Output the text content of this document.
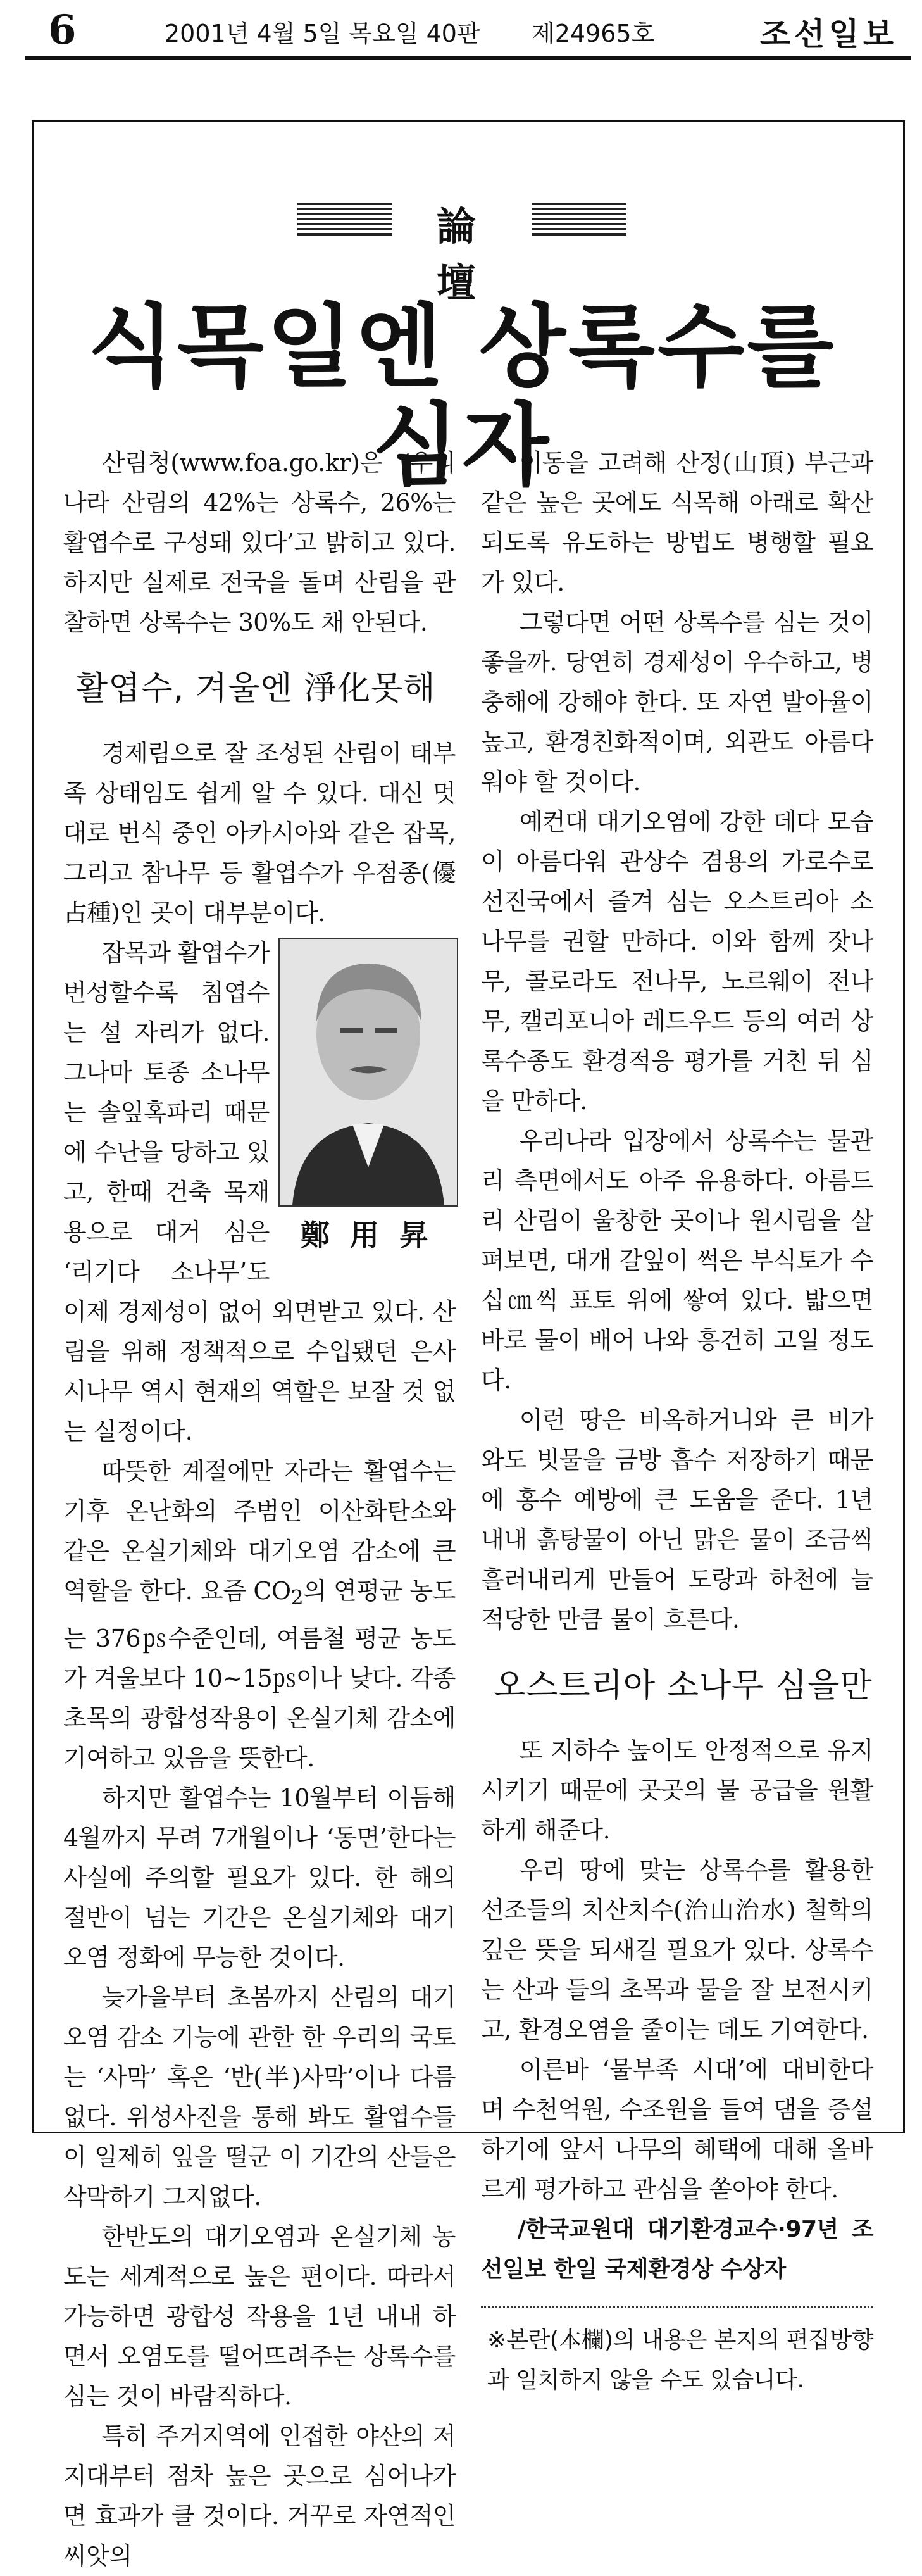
6	2001년 4월 5일 목요일 40판 제24965호	조선일보
論 壇
식목일엔 상록수를 심자

산림청(www.foa.go.kr)은 ‘우리나라 산림의 42%는 상록수, 26%는 활엽수로 구성돼 있다’고 밝히고 있다. 하지만 실제로 전국을 돌며 산림을 관찰하면 상록수는 30%도 채 안된다.

활엽수, 겨울엔 淨化못해

경제림으로 잘 조성된 산림이 태부족 상태임도 쉽게 알 수 있다. 대신 멋대로 번식 중인 아카시아와 같은 잡목, 그리고 참나무 등 활엽수가 우점종(優占種)인 곳이 대부분이다.

鄭 用 昇

잡목과 활엽수가 번성할수록 침엽수는 설 자리가 없다. 그나마 토종 소나무는 솔잎혹파리 때문에 수난을 당하고 있고, 한때 건축 목재용으로 대거 심은 ‘리기다 소나무’도 이제 경제성이 없어 외면받고 있다. 산림을 위해 정책적으로 수입됐던 은사시나무 역시 현재의 역할은 보잘 것 없는 실정이다.

따뜻한 계절에만 자라는 활엽수는 기후 온난화의 주범인 이산화탄소와 같은 온실기체와 대기오염 감소에 큰 역할을 한다. 요즘 $CO_2$의 연평균 농도는 376㎰수준인데, 여름철 평균 농도가 겨울보다 10~15㎰이나 낮다. 각종 초목의 광합성작용이 온실기체 감소에 기여하고 있음을 뜻한다.

하지만 활엽수는 10월부터 이듬해 4월까지 무려 7개월이나 ‘동면’한다는 사실에 주의할 필요가 있다. 한 해의 절반이 넘는 기간은 온실기체와 대기오염 정화에 무능한 것이다.

늦가을부터 초봄까지 산림의 대기오염 감소 기능에 관한 한 우리의 국토는 ‘사막’ 혹은 ‘반(半)사막’이나 다름없다. 위성사진을 통해 봐도 활엽수들이 일제히 잎을 떨군 이 기간의 산들은 삭막하기 그지없다.

한반도의 대기오염과 온실기체 농도는 세계적으로 높은 편이다. 따라서 가능하면 광합성 작용을 1년 내내 하면서 오염도를 떨어뜨려주는 상록수를 심는 것이 바람직하다.

특히 주거지역에 인접한 야산의 저지대부터 점차 높은 곳으로 심어나가면 효과가 클 것이다. 거꾸로 자연적인 씨앗의

이동을 고려해 산정(山頂) 부근과 같은 높은 곳에도 식목해 아래로 확산되도록 유도하는 방법도 병행할 필요가 있다.

그렇다면 어떤 상록수를 심는 것이 좋을까. 당연히 경제성이 우수하고, 병충해에 강해야 한다. 또 자연 발아율이 높고, 환경친화적이며, 외관도 아름다워야 할 것이다.

예컨대 대기오염에 강한 데다 모습이 아름다워 관상수 겸용의 가로수로 선진국에서 즐겨 심는 오스트리아 소나무를 권할 만하다. 이와 함께 잣나무, 콜로라도 전나무, 노르웨이 전나무, 캘리포니아 레드우드 등의 여러 상록수종도 환경적응 평가를 거친 뒤 심을 만하다.

우리나라 입장에서 상록수는 물관리 측면에서도 아주 유용하다. 아름드리 산림이 울창한 곳이나 원시림을 살펴보면, 대개 갈잎이 썩은 부식토가 수십㎝씩 표토 위에 쌓여 있다. 밟으면 바로 물이 배어 나와 흥건히 고일 정도다.

이런 땅은 비옥하거니와 큰 비가 와도 빗물을 금방 흡수 저장하기 때문에 홍수 예방에 큰 도움을 준다. 1년 내내 흙탕물이 아닌 맑은 물이 조금씩 흘러내리게 만들어 도랑과 하천에 늘 적당한 만큼 물이 흐른다.

오스트리아 소나무 심을만

또 지하수 높이도 안정적으로 유지시키기 때문에 곳곳의 물 공급을 원활하게 해준다.

우리 땅에 맞는 상록수를 활용한 선조들의 치산치수(治山治水) 철학의 깊은 뜻을 되새길 필요가 있다. 상록수는 산과 들의 초목과 물을 잘 보전시키고, 환경오염을 줄이는 데도 기여한다.

이른바 ‘물부족 시대’에 대비한다며 수천억원, 수조원을 들여 댐을 증설하기에 앞서 나무의 혜택에 대해 올바르게 평가하고 관심을 쏟아야 한다.

/한국교원대 대기환경교수·97년 조선일보 한일 국제환경상 수상자

※본란(本欄)의 내용은 본지의 편집방향과 일치하지 않을 수도 있습니다.
